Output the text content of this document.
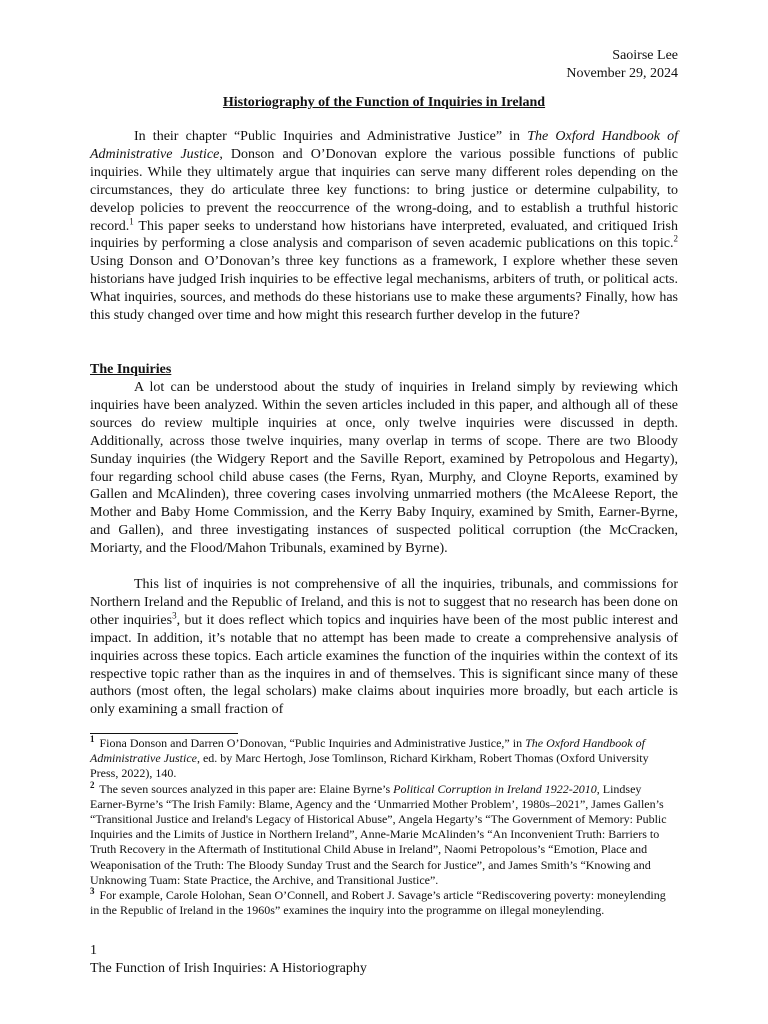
Saoirse Lee
November 29, 2024
Historiography of the Function of Inquiries in Ireland
In their chapter “Public Inquiries and Administrative Justice” in The Oxford Handbook of Administrative Justice, Donson and O’Donovan explore the various possible functions of public inquiries. While they ultimately argue that inquiries can serve many different roles depending on the circumstances, they do articulate three key functions: to bring justice or determine culpability, to develop policies to prevent the reoccurrence of the wrong-doing, and to establish a truthful historic record.$^1$ This paper seeks to understand how historians have interpreted, evaluated, and critiqued Irish inquiries by performing a close analysis and comparison of seven academic publications on this topic.$^2$ Using Donson and O’Donovan’s three key functions as a framework, I explore whether these seven historians have judged Irish inquiries to be effective legal mechanisms, arbiters of truth, or political acts. What inquiries, sources, and methods do these historians use to make these arguments? Finally, how has this study changed over time and how might this research further develop in the future?
The Inquiries
A lot can be understood about the study of inquiries in Ireland simply by reviewing which inquiries have been analyzed. Within the seven articles included in this paper, and although all of these sources do review multiple inquiries at once, only twelve inquiries were discussed in depth. Additionally, across those twelve inquiries, many overlap in terms of scope. There are two Bloody Sunday inquiries (the Widgery Report and the Saville Report, examined by Petropolous and Hegarty), four regarding school child abuse cases (the Ferns, Ryan, Murphy, and Cloyne Reports, examined by Gallen and McAlinden), three covering cases involving unmarried mothers (the McAleese Report, the Mother and Baby Home Commission, and the Kerry Baby Inquiry, examined by Smith, Earner-Byrne, and Gallen), and three investigating instances of suspected political corruption (the McCracken, Moriarty, and the Flood/Mahon Tribunals, examined by Byrne).
This list of inquiries is not comprehensive of all the inquiries, tribunals, and commissions for Northern Ireland and the Republic of Ireland, and this is not to suggest that no research has been done on other inquiries$^3$, but it does reflect which topics and inquiries have been of the most public interest and impact. In addition, it’s notable that no attempt has been made to create a comprehensive analysis of inquiries across these topics. Each article examines the function of the inquiries within the context of its respective topic rather than as the inquires in and of themselves. This is significant since many of these authors (most often, the legal scholars) make claims about inquiries more broadly, but each article is only examining a small fraction of

$^1$ Fiona Donson and Darren O’Donovan, “Public Inquiries and Administrative Justice,” in The Oxford Handbook of Administrative Justice, ed. by Marc Hertogh, Jose Tomlinson, Richard Kirkham, Robert Thomas (Oxford University Press, 2022), 140.

$^2$ The seven sources analyzed in this paper are: Elaine Byrne’s Political Corruption in Ireland 1922-2010, Lindsey Earner-Byrne’s “The Irish Family: Blame, Agency and the ‘Unmarried Mother Problem’, 1980s–2021”, James Gallen’s “Transitional Justice and Ireland's Legacy of Historical Abuse”, Angela Hegarty’s “The Government of Memory: Public Inquiries and the Limits of Justice in Northern Ireland”, Anne-Marie McAlinden’s “An Inconvenient Truth: Barriers to Truth Recovery in the Aftermath of Institutional Child Abuse in Ireland”, Naomi Petropolous’s “Emotion, Place and Weaponisation of the Truth: The Bloody Sunday Trust and the Search for Justice”, and James Smith’s “Knowing and Unknowing Tuam: State Practice, the Archive, and Transitional Justice”.

$^3$ For example, Carole Holohan, Sean O’Connell, and Robert J. Savage’s article “Rediscovering poverty: moneylending in the Republic of Ireland in the 1960s” examines the inquiry into the programme on illegal moneylending.

1
The Function of Irish Inquiries: A Historiography
